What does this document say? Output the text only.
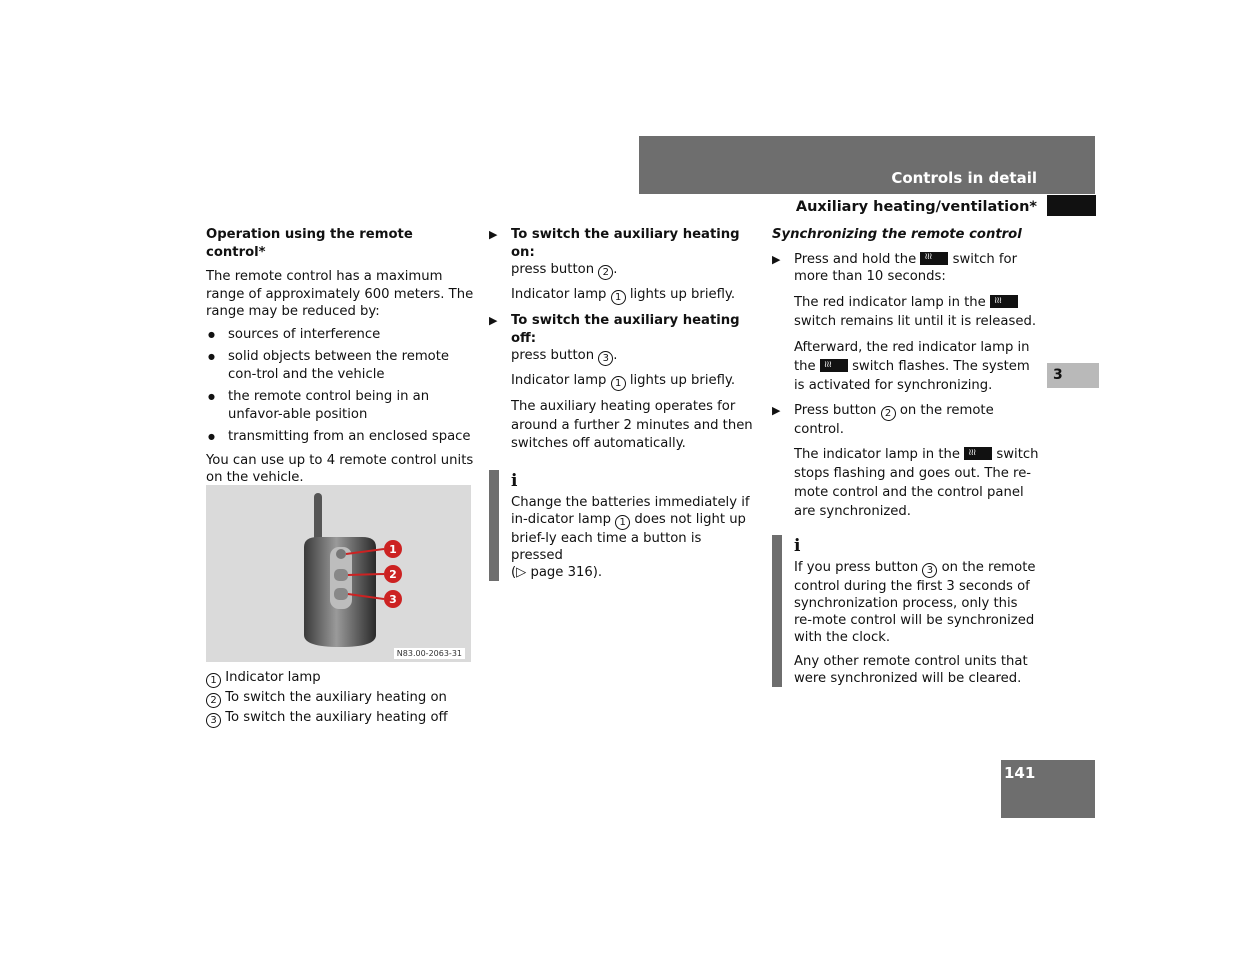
Controls in detail
Auxiliary heating/ventilation*
3
141

Operation using the remote control*

The remote control has a maximum range of approximately 600 meters. The range may be reduced by:

● sources of interference

● solid objects between the remote con-trol and the vehicle

● the remote control being in an unfavor-able position

● transmitting from an enclosed space

You can use up to 4 remote control units on the vehicle.

1
2
3
N83.00-2063-31

1 Indicator lamp

2 To switch the auxiliary heating on

3 To switch the auxiliary heating off

▶ To switch the auxiliary heating on:
press button 2 .

Indicator lamp 1 lights up briefly.

▶ To switch the auxiliary heating off:
press button 3 .

Indicator lamp 1 lights up briefly.

The auxiliary heating operates for around a further 2 minutes and then switches off automatically.

i

Change the batteries immediately if in-dicator lamp 1 does not light up brief-ly each time a button is pressed
(▷ page 316).

Synchronizing the remote control

▶ Press and hold the ≀≀≀	switch for more than 10 seconds:

The red indicator lamp in the ≀≀≀ switch remains lit until it is released.

Afterward, the red indicator lamp in the ≀≀≀	switch flashes. The system is activated for synchronizing.

▶ Press button 2 on the remote control.

The indicator lamp in the ≀≀≀	switch stops flashing and goes out. The re-mote control and the control panel are synchronized.

i

If you press button 3 on the remote control during the first 3 seconds of synchronization process, only this re-mote control will be synchronized with the clock.

Any other remote control units that were synchronized will be cleared.
